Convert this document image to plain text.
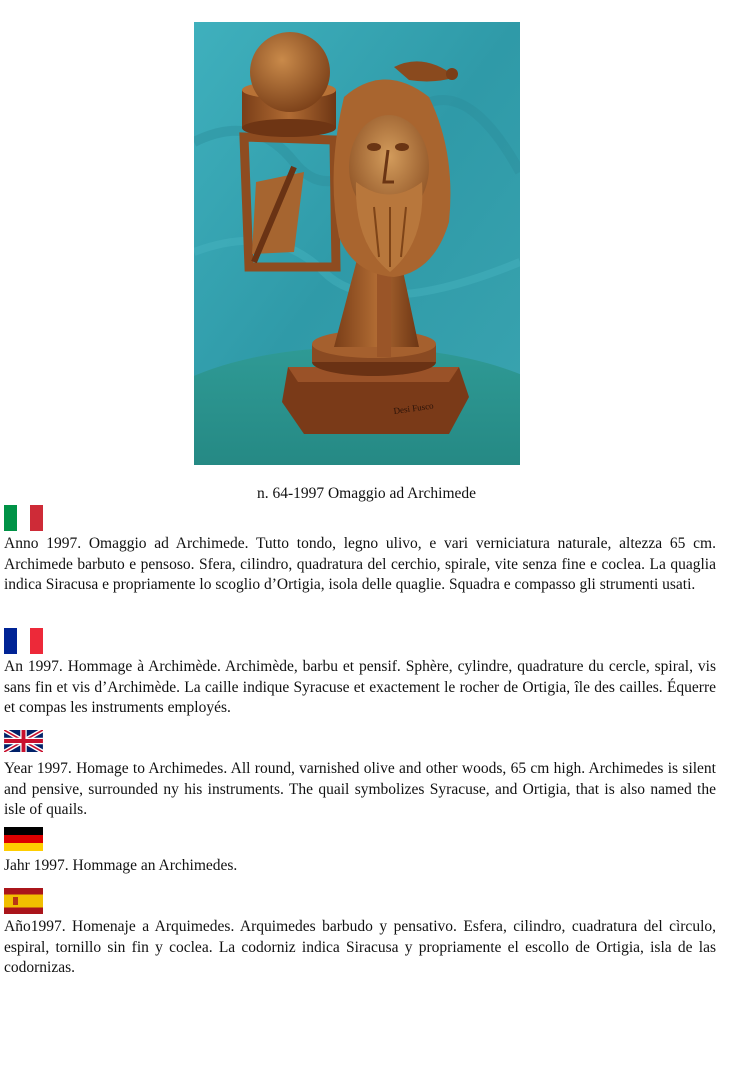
Desi Fusco
n. 64-1997 Omaggio ad Archimede

Anno 1997. Omaggio ad Archimede. Tutto tondo, legno ulivo, e vari verniciatura naturale, altezza 65 cm. Archimede barbuto e pensoso. Sfera, cilindro, quadratura del cerchio, spirale, vite senza fine e coclea. La quaglia indica Siracusa e propriamente lo scoglio d’Ortigia, isola delle quaglie. Squadra e compasso gli strumenti usati.

An 1997. Hommage à Archimède. Archimède, barbu et pensif. Sphère, cylindre, quadrature du cercle, spiral, vis sans fin et vis d’Archimède. La caille indique Syracuse et exactement le rocher de Ortigia, île des cailles. Équerre et compas les instruments employés.

Year 1997. Homage to Archimedes. All round, varnished olive and other woods, 65 cm high. Archimedes is silent and pensive, surrounded ny his instruments. The quail symbolizes Syracuse, and Ortigia, that is also named the isle of quails.

Jahr 1997. Hommage an Archimedes.

Año1997. Homenaje a Arquimedes. Arquimedes barbudo y pensativo. Esfera, cilindro, cuadratura del cìrculo, espiral, tornillo sin fin y coclea. La codorniz indica Siracusa y propriamente el escollo de Ortigia, isla de las codornizas.
